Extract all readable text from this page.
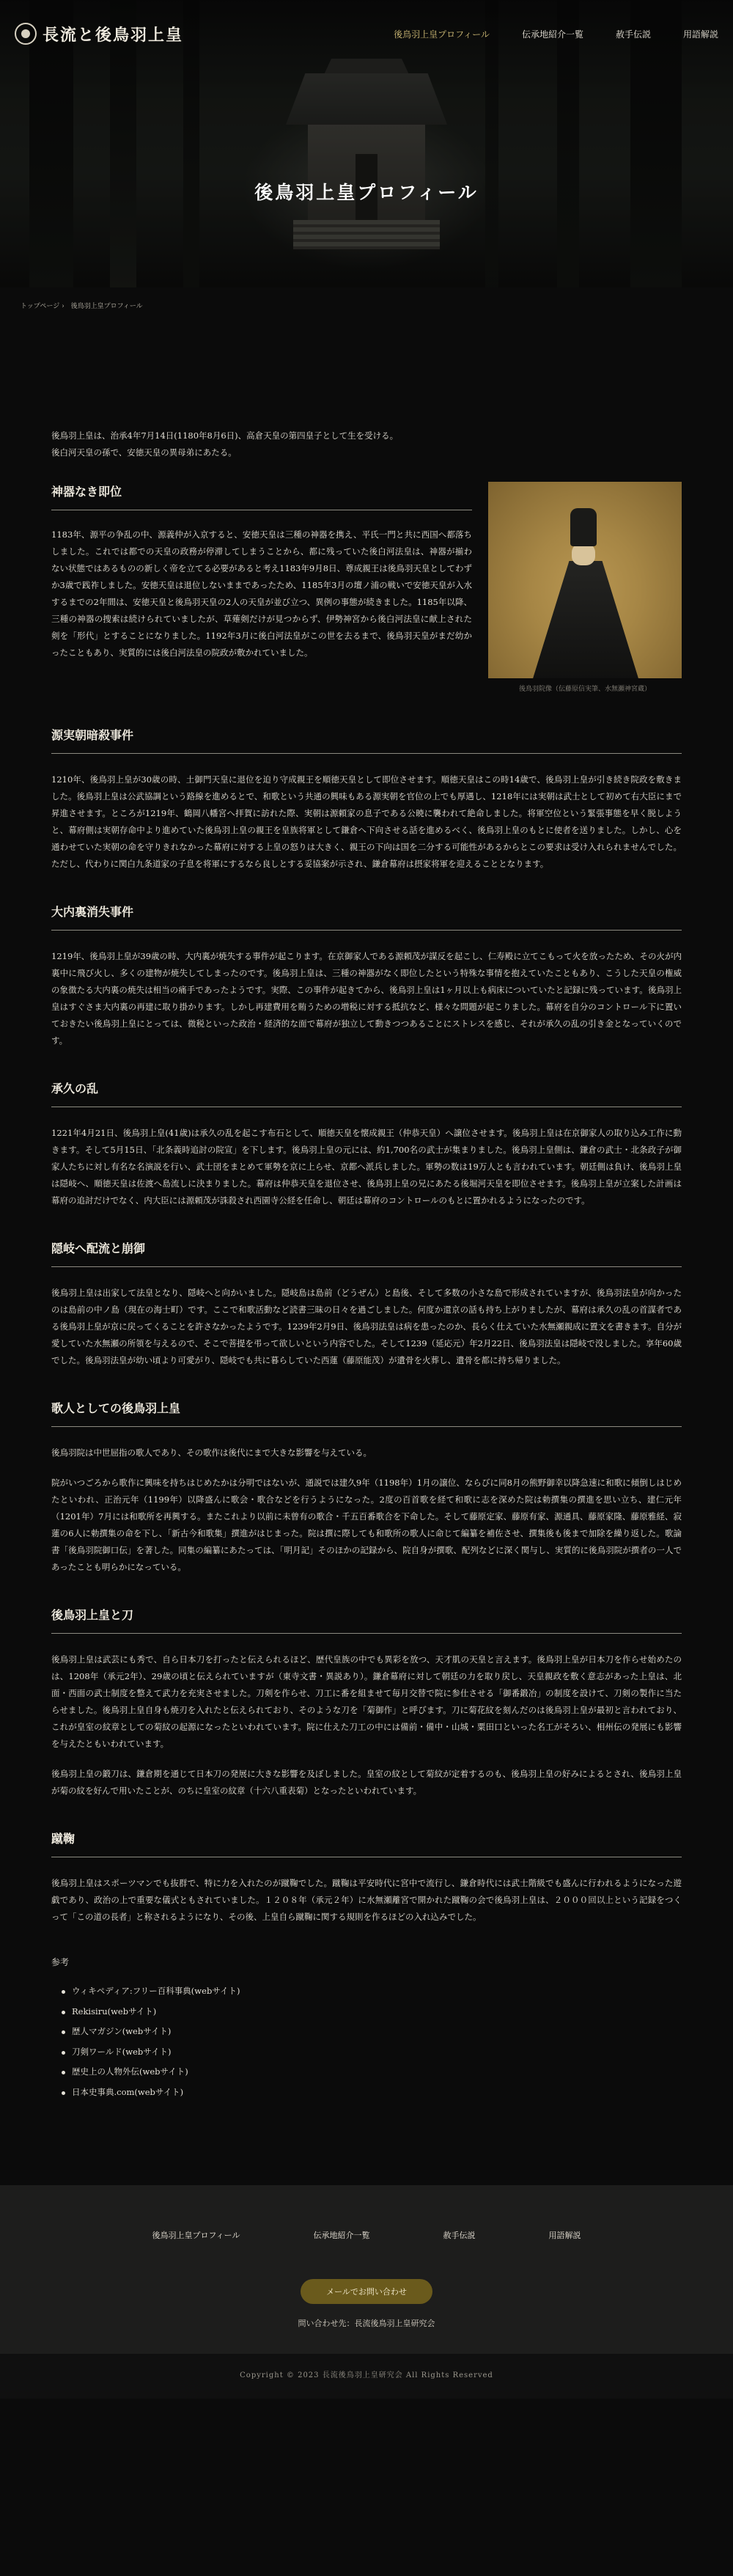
長流と後鳥羽上皇	後鳥羽上皇プロフィール	伝承地紹介一覧	赦手伝説	用語解説
後鳥羽上皇プロフィール
トップページ › 後鳥羽上皇プロフィール

後鳥羽上皇は、治承4年7月14日(1180年8月6日)、高倉天皇の第四皇子として生を受ける。

後白河天皇の孫で、安徳天皇の異母弟にあたる。

神器なき即位

1183年、源平の争乱の中、源義仲が入京すると、安徳天皇は三種の神器を携え、平氏一門と共に西国へ都落ちしました。これでは都での天皇の政務が停滞してしまうことから、都に残っていた後白河法皇は、神器が揃わない状態ではあるものの新しく帝を立てる必要があると考え1183年9月8日、尊成親王は後鳥羽天皇としてわずか3歳で践祚しました。安徳天皇は退位しないままであったため、1185年3月の壇ノ浦の戦いで安徳天皇が入水するまでの2年間は、安徳天皇と後鳥羽天皇の2人の天皇が並び立つ、異例の事態が続きました。1185年以降、三種の神器の捜索は続けられていましたが、草薙剣だけが見つからず、伊勢神宮から後白河法皇に献上された剣を「形代」とすることになりました。1192年3月に後白河法皇がこの世を去るまで、後鳥羽天皇がまだ幼かったこともあり、実質的には後白河法皇の院政が敷かれていました。

後鳥羽院像（伝藤原信実筆、水無瀬神宮蔵）
源実朝暗殺事件

1210年、後鳥羽上皇が30歳の時、土御門天皇に退位を迫り守成親王を順徳天皇として即位させます。順徳天皇はこの時14歳で、後鳥羽上皇が引き続き院政を敷きました。後鳥羽上皇は公武協調という路線を進めるとで、和歌という共通の興味もある源実朝を官位の上でも厚遇し、1218年には実朝は武士として初めて右大臣にまで昇進させます。ところが1219年、鶴岡八幡宮へ拝賀に訪れた際、実朝は源頼家の息子である公暁に襲われて絶命しました。将軍空位という緊張事態を早く脱しようと、幕府側は実朝存命中より進めていた後鳥羽上皇の親王を皇族将軍として鎌倉へ下向させる話を進めるべく、後鳥羽上皇のもとに使者を送りました。しかし、心を通わせていた実朝の命を守りきれなかった幕府に対する上皇の怒りは大きく、親王の下向は国を二分する可能性があるからとこの要求は受け入れられませんでした。ただし、代わりに関白九条道家の子息を将軍にするなら良しとする妥協案が示され、鎌倉幕府は摂家将軍を迎えることとなります。

大内裏消失事件

1219年、後鳥羽上皇が39歳の時、大内裏が焼失する事件が起こります。在京御家人である源頼茂が謀反を起こし、仁寿殿に立てこもって火を放ったため、その火が内裏中に飛び火し、多くの建物が焼失してしまったのです。後鳥羽上皇は、三種の神器がなく即位したという特殊な事情を抱えていたこともあり、こうした天皇の権威の象徴たる大内裏の焼失は相当の痛手であったようです。実際、この事件が起きてから、後鳥羽上皇は1ヶ月以上も病床についていたと記録に残っています。後鳥羽上皇はすぐさま大内裏の再建に取り掛かります。しかし再建費用を賄うための増税に対する抵抗など、様々な問題が起こりました。幕府を自分のコントロール下に置いておきたい後鳥羽上皇にとっては、微税といった政治・経済的な面で幕府が独立して動きつつあることにストレスを感じ、それが承久の乱の引き金となっていくのです。

承久の乱

1221年4月21日、後鳥羽上皇(41歳)は承久の乱を起こす布石として、順徳天皇を懐成親王（仲恭天皇）へ譲位させます。後鳥羽上皇は在京御家人の取り込み工作に動きます。そして5月15日、「北条義時追討の院宣」を下します。後鳥羽上皇の元には、約1,700名の武士が集まりました。後鳥羽上皇側は、鎌倉の武士・北条政子が御家人たちに対し有名な名演説を行い、武士団をまとめて軍勢を京に上らせ、京都へ派兵しました。軍勢の数は19万人とも言われています。朝廷側は負け、後鳥羽上皇は隠岐へ、順徳天皇は佐渡へ島流しに決まりました。幕府は仲恭天皇を退位させ、後鳥羽上皇の兄にあたる後堀河天皇を即位させます。後鳥羽上皇が立案した計画は幕府の追討だけでなく、内大臣には源頼茂が誅殺され西園寺公経を任命し、朝廷は幕府のコントロールのもとに置かれるようになったのです。

隠岐へ配流と崩御

後鳥羽上皇は出家して法皇となり、隠岐へと向かいました。隠岐島は島前（どうぜん）と島後、そして多数の小さな島で形成されていますが、後鳥羽法皇が向かったのは島前の中ノ島（現在の海士町）です。ここで和歌活動など読書三昧の日々を過ごしました。何度か還京の話も持ち上がりましたが、幕府は承久の乱の首謀者である後鳥羽上皇が京に戻ってくることを許さなかったようです。1239年2月9日、後鳥羽法皇は病を患ったのか、長らく仕えていた水無瀬親成に置文を書きます。自分が愛していた水無瀬の所領を与えるので、そこで菩提を弔って欲しいという内容でした。そして1239（延応元）年2月22日、後鳥羽法皇は隠岐で没しました。享年60歳でした。後鳥羽法皇が幼い頃より可愛がり、隠岐でも共に暮らしていた西蓮（藤原能茂）が遺骨を火葬し、遺骨を都に持ち帰りました。

歌人としての後鳥羽上皇

後鳥羽院は中世屈指の歌人であり、その歌作は後代にまで大きな影響を与えている。

院がいつごろから歌作に興味を持ちはじめたかは分明ではないが、通説では建久9年（1198年）1月の譲位、ならびに同8月の熊野御幸以降急速に和歌に傾倒しはじめたといわれ、正治元年（1199年）以降盛んに歌会・歌合などを行うようになった。2度の百首歌を経て和歌に志を深めた院は勅撰集の撰進を思い立ち、建仁元年（1201年）7月には和歌所を再興する。またこれより以前に未曾有の歌合・千五百番歌合を下命した。そして藤原定家、藤原有家、源通具、藤原家隆、藤原雅経、寂蓮の6人に勅撰集の命を下し、「新古今和歌集」撰進がはじまった。院は撰に際しても和歌所の歌人に命じて編纂を補佐させ、撰集後も後まで加除を繰り返した。歌論書「後鳥羽院御口伝」を著した。同集の編纂にあたっては、「明月記」そのほかの記録から、院自身が撰歌、配列などに深く関与し、実質的に後鳥羽院が撰者の一人であったことも明らかになっている。

後鳥羽上皇と刀

後鳥羽上皇は武芸にも秀で、自ら日本刀を打ったと伝えられるほど、歴代皇族の中でも異彩を放つ、天才肌の天皇と言えます。後鳥羽上皇が日本刀を作らせ始めたのは、1208年（承元2年）、29歳の頃と伝えられていますが（東寺文書・異説あり）。鎌倉幕府に対して朝廷の力を取り戻し、天皇親政を敷く意志があった上皇は、北面・西面の武士制度を整えて武力を充実させました。刀剣を作らせ、刀工に番を組ませて毎月交替で院に参仕させる「御番鍛冶」の制度を設けて、刀剣の製作に当たらせました。後鳥羽上皇自身も焼刃を入れたと伝えられており、そのような刀を「菊御作」と呼びます。刀に菊花紋を刻んだのは後鳥羽上皇が最初と言われており、これが皇室の紋章としての菊紋の起源になったといわれています。院に仕えた刀工の中には備前・備中・山城・粟田口といった名工がそろい、相州伝の発展にも影響を与えたともいわれています。

後鳥羽上皇の鍛刀は、鎌倉期を通じて日本刀の発展に大きな影響を及ぼしました。皇室の紋として菊紋が定着するのも、後鳥羽上皇の好みによるとされ、後鳥羽上皇が菊の紋を好んで用いたことが、のちに皇室の紋章（十六八重表菊）となったといわれています。

蹴鞠

後鳥羽上皇はスポーツマンでも抜群で、特に力を入れたのが蹴鞠でした。蹴鞠は平安時代に宮中で流行し、鎌倉時代には武士階級でも盛んに行われるようになった遊戯であり、政治の上で重要な儀式ともされていました。１２０８年（承元２年）に水無瀬離宮で開かれた蹴鞠の会で後鳥羽上皇は、２０００回以上という記録をつくって「この道の長者」と称されるようになり、その後、上皇自ら蹴鞠に関する規則を作るほどの入れ込みでした。

参考
ウィキペディア:フリー百科事典(webサイト)
Rekisiru(webサイト)
歴人マガジン(webサイト)
刀剣ワールド(webサイト)
歴史上の人物外伝(webサイト)
日本史事典.com(webサイト)
後鳥羽上皇プロフィール	伝承地紹介一覧	赦手伝説	用語解説
メールでお問い合わせ

問い合わせ先：長流後鳥羽上皇研究会

Copyright © 2023 長流後鳥羽上皇研究会 All Rights Reserved
